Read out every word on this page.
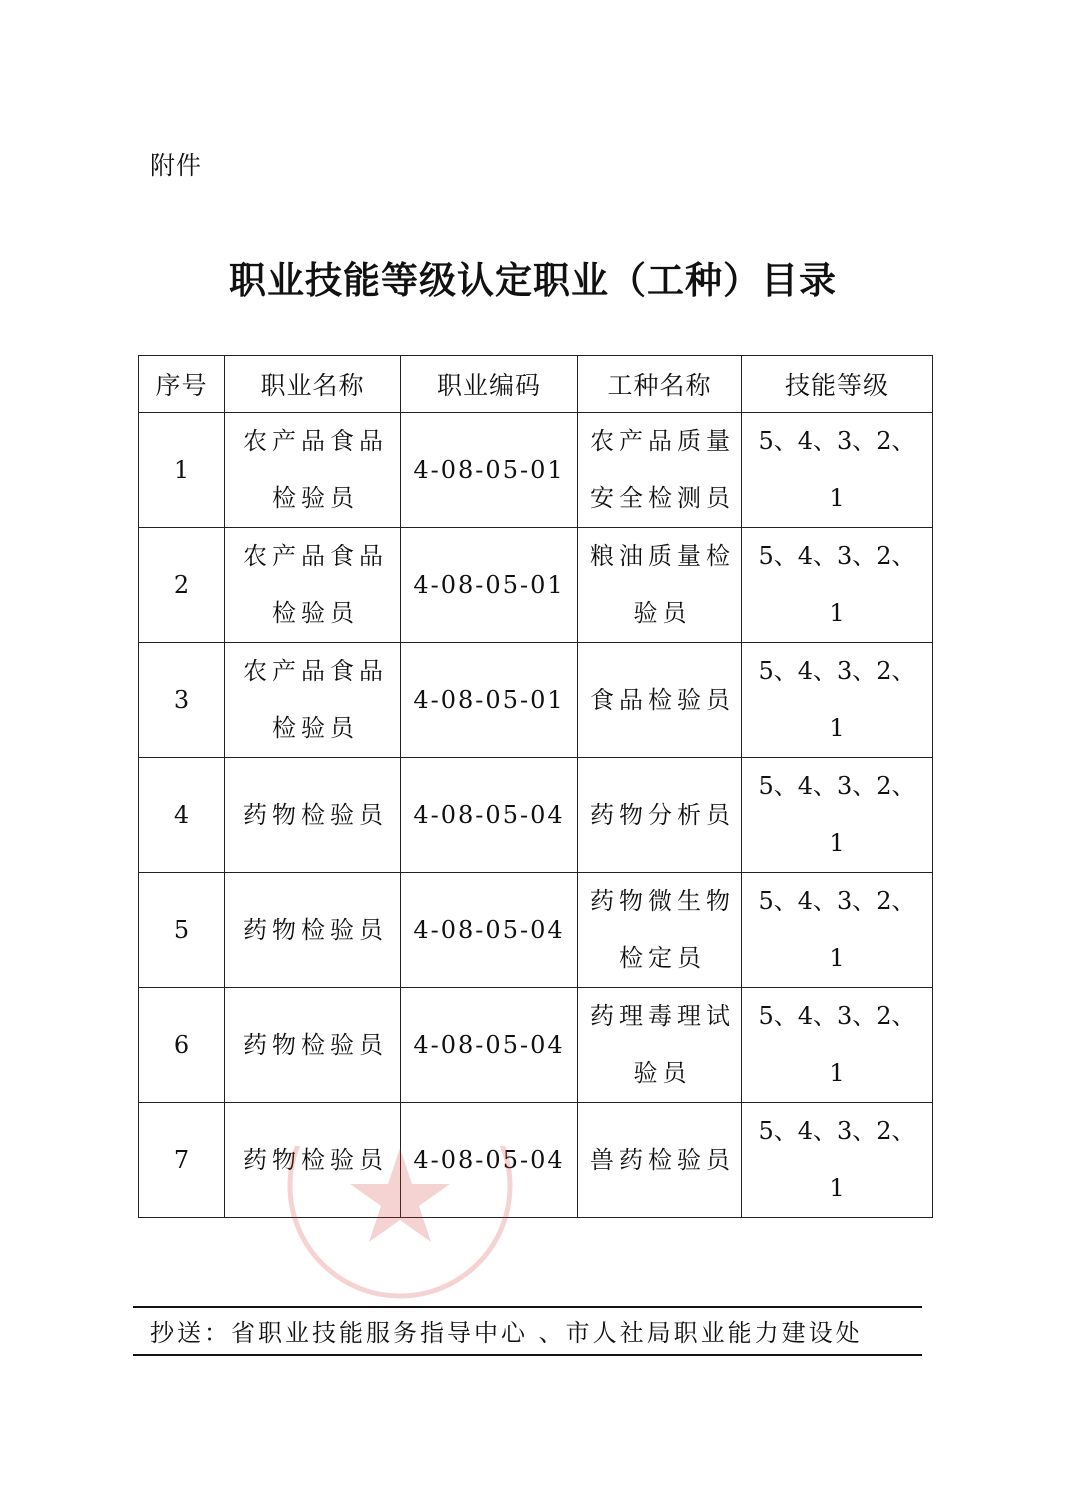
附件
职业技能等级认定职业（工种）目录
序号	职业名称	职业编码	工种名称	技能等级
1	农产品食品检验员	4-08-05-01	农产品质量安全检测员	5、4、3、2、
1

2	农产品食品检验员	4-08-05-01	粮油质量检验员	5、4、3、2、
1

3	农产品食品检验员	4-08-05-01	食品检验员	5、4、3、2、
1

4	药物检验员	4-08-05-04	药物分析员	5、4、3、2、
1

5	药物检验员	4-08-05-04	药物微生物检定员	5、4、3、2、
1

6	药物检验员	4-08-05-04	药理毒理试验员	5、4、3、2、
1

7	药物检验员	4-08-05-04	兽药检验员	5、4、3、2、
1
抄送：省职业技能服务指导中心 、市人社局职业能力建设处
